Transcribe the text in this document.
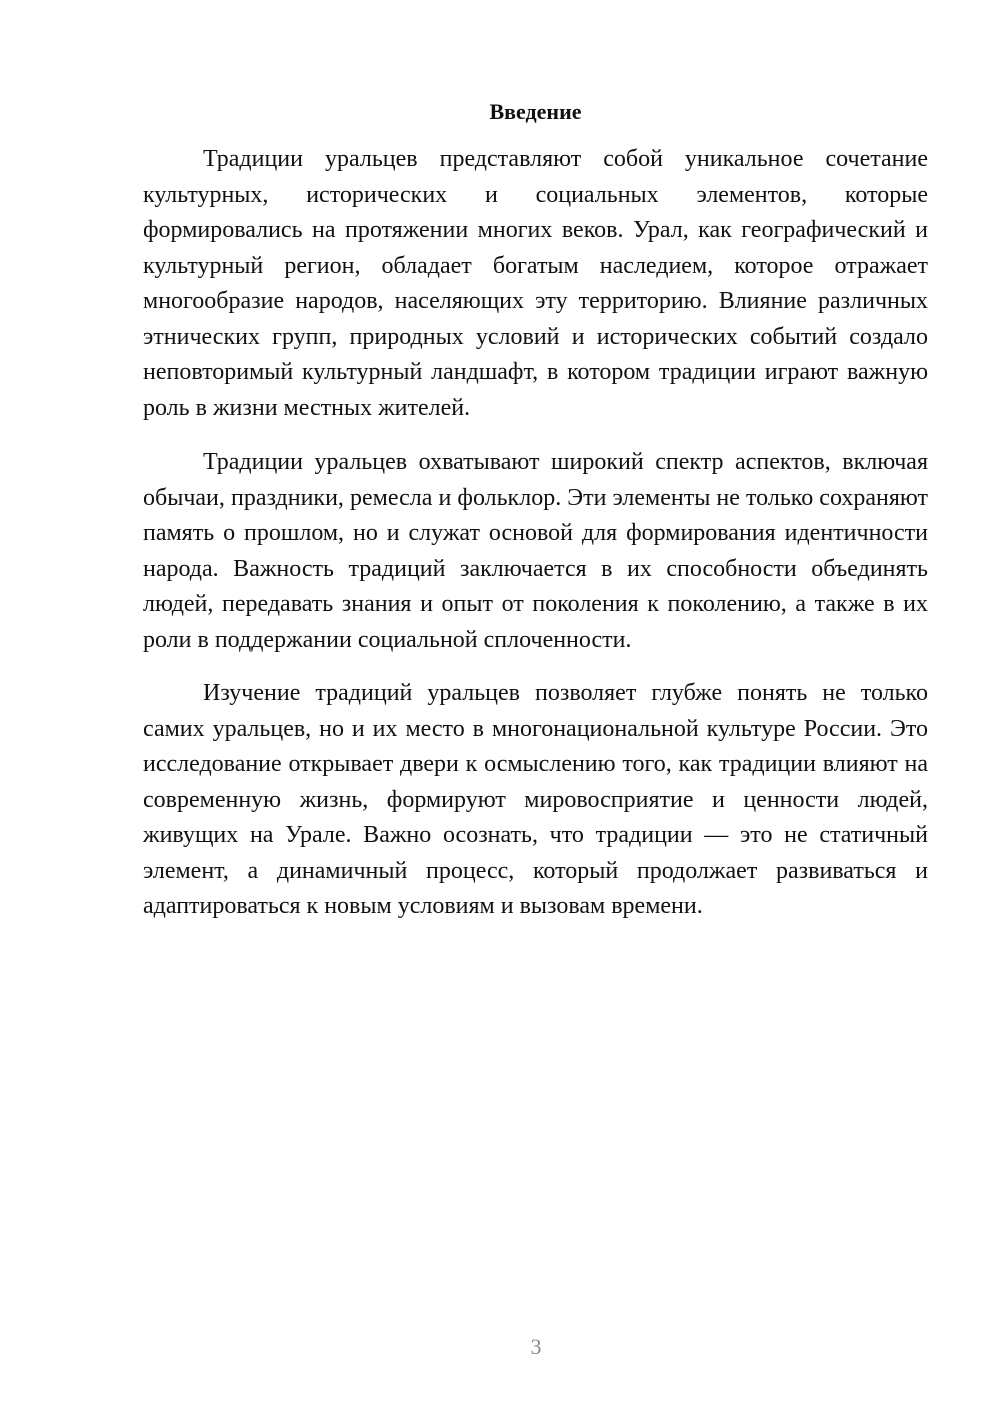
Введение

Традиции уральцев представляют собой уникальное сочетание культурных, исторических и социальных элементов, которые формировались на протяжении многих веков. Урал, как географический и культурный регион, обладает богатым наследием, которое отражает многообразие народов, населяющих эту территорию. Влияние различных этнических групп, природных условий и исторических событий создало неповторимый культурный ландшафт, в котором традиции играют важную роль в жизни местных жителей.

Традиции уральцев охватывают широкий спектр аспектов, включая обычаи, праздники, ремесла и фольклор. Эти элементы не только сохраняют память о прошлом, но и служат основой для формирования идентичности народа. Важность традиций заключается в их способности объединять людей, передавать знания и опыт от поколения к поколению, а также в их роли в поддержании социальной сплоченности.

Изучение традиций уральцев позволяет глубже понять не только самих уральцев, но и их место в многонациональной культуре России. Это исследование открывает двери к осмыслению того, как традиции влияют на современную жизнь, формируют мировосприятие и ценности людей, живущих на Урале. Важно осознать, что традиции — это не статичный элемент, а динамичный процесс, который продолжает развиваться и адаптироваться к новым условиям и вызовам времени.

3
